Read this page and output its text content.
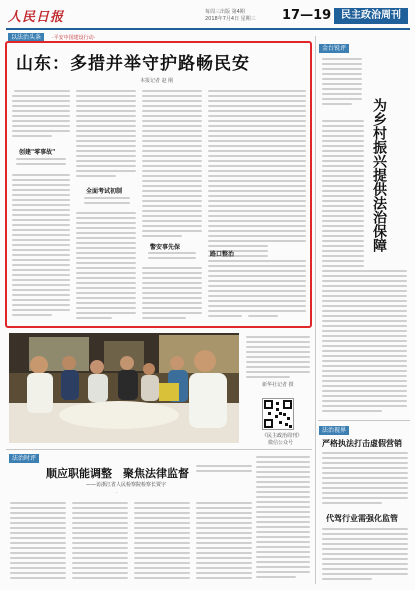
人民日报	每周三出版 第4期
2018年7月4日 星期三 17—19 民主政治周刊
以法治头条	·平安中国建设行动·
山东：多措并举守护路畅民安
本报记者 赵 刚
创建"零事故"
全面考试初制
警安事先保
路口整治
金台锐评
为乡村振兴提供法治保障
新华社记者 摄
《民主政治周刊》
微信公众号
法治时评
顺应职能调整　聚焦法律监督
——访浙江省人民检察院检察长贾宇
·
法治视界
严格执法打击虚假营销
代驾行业需强化监管
